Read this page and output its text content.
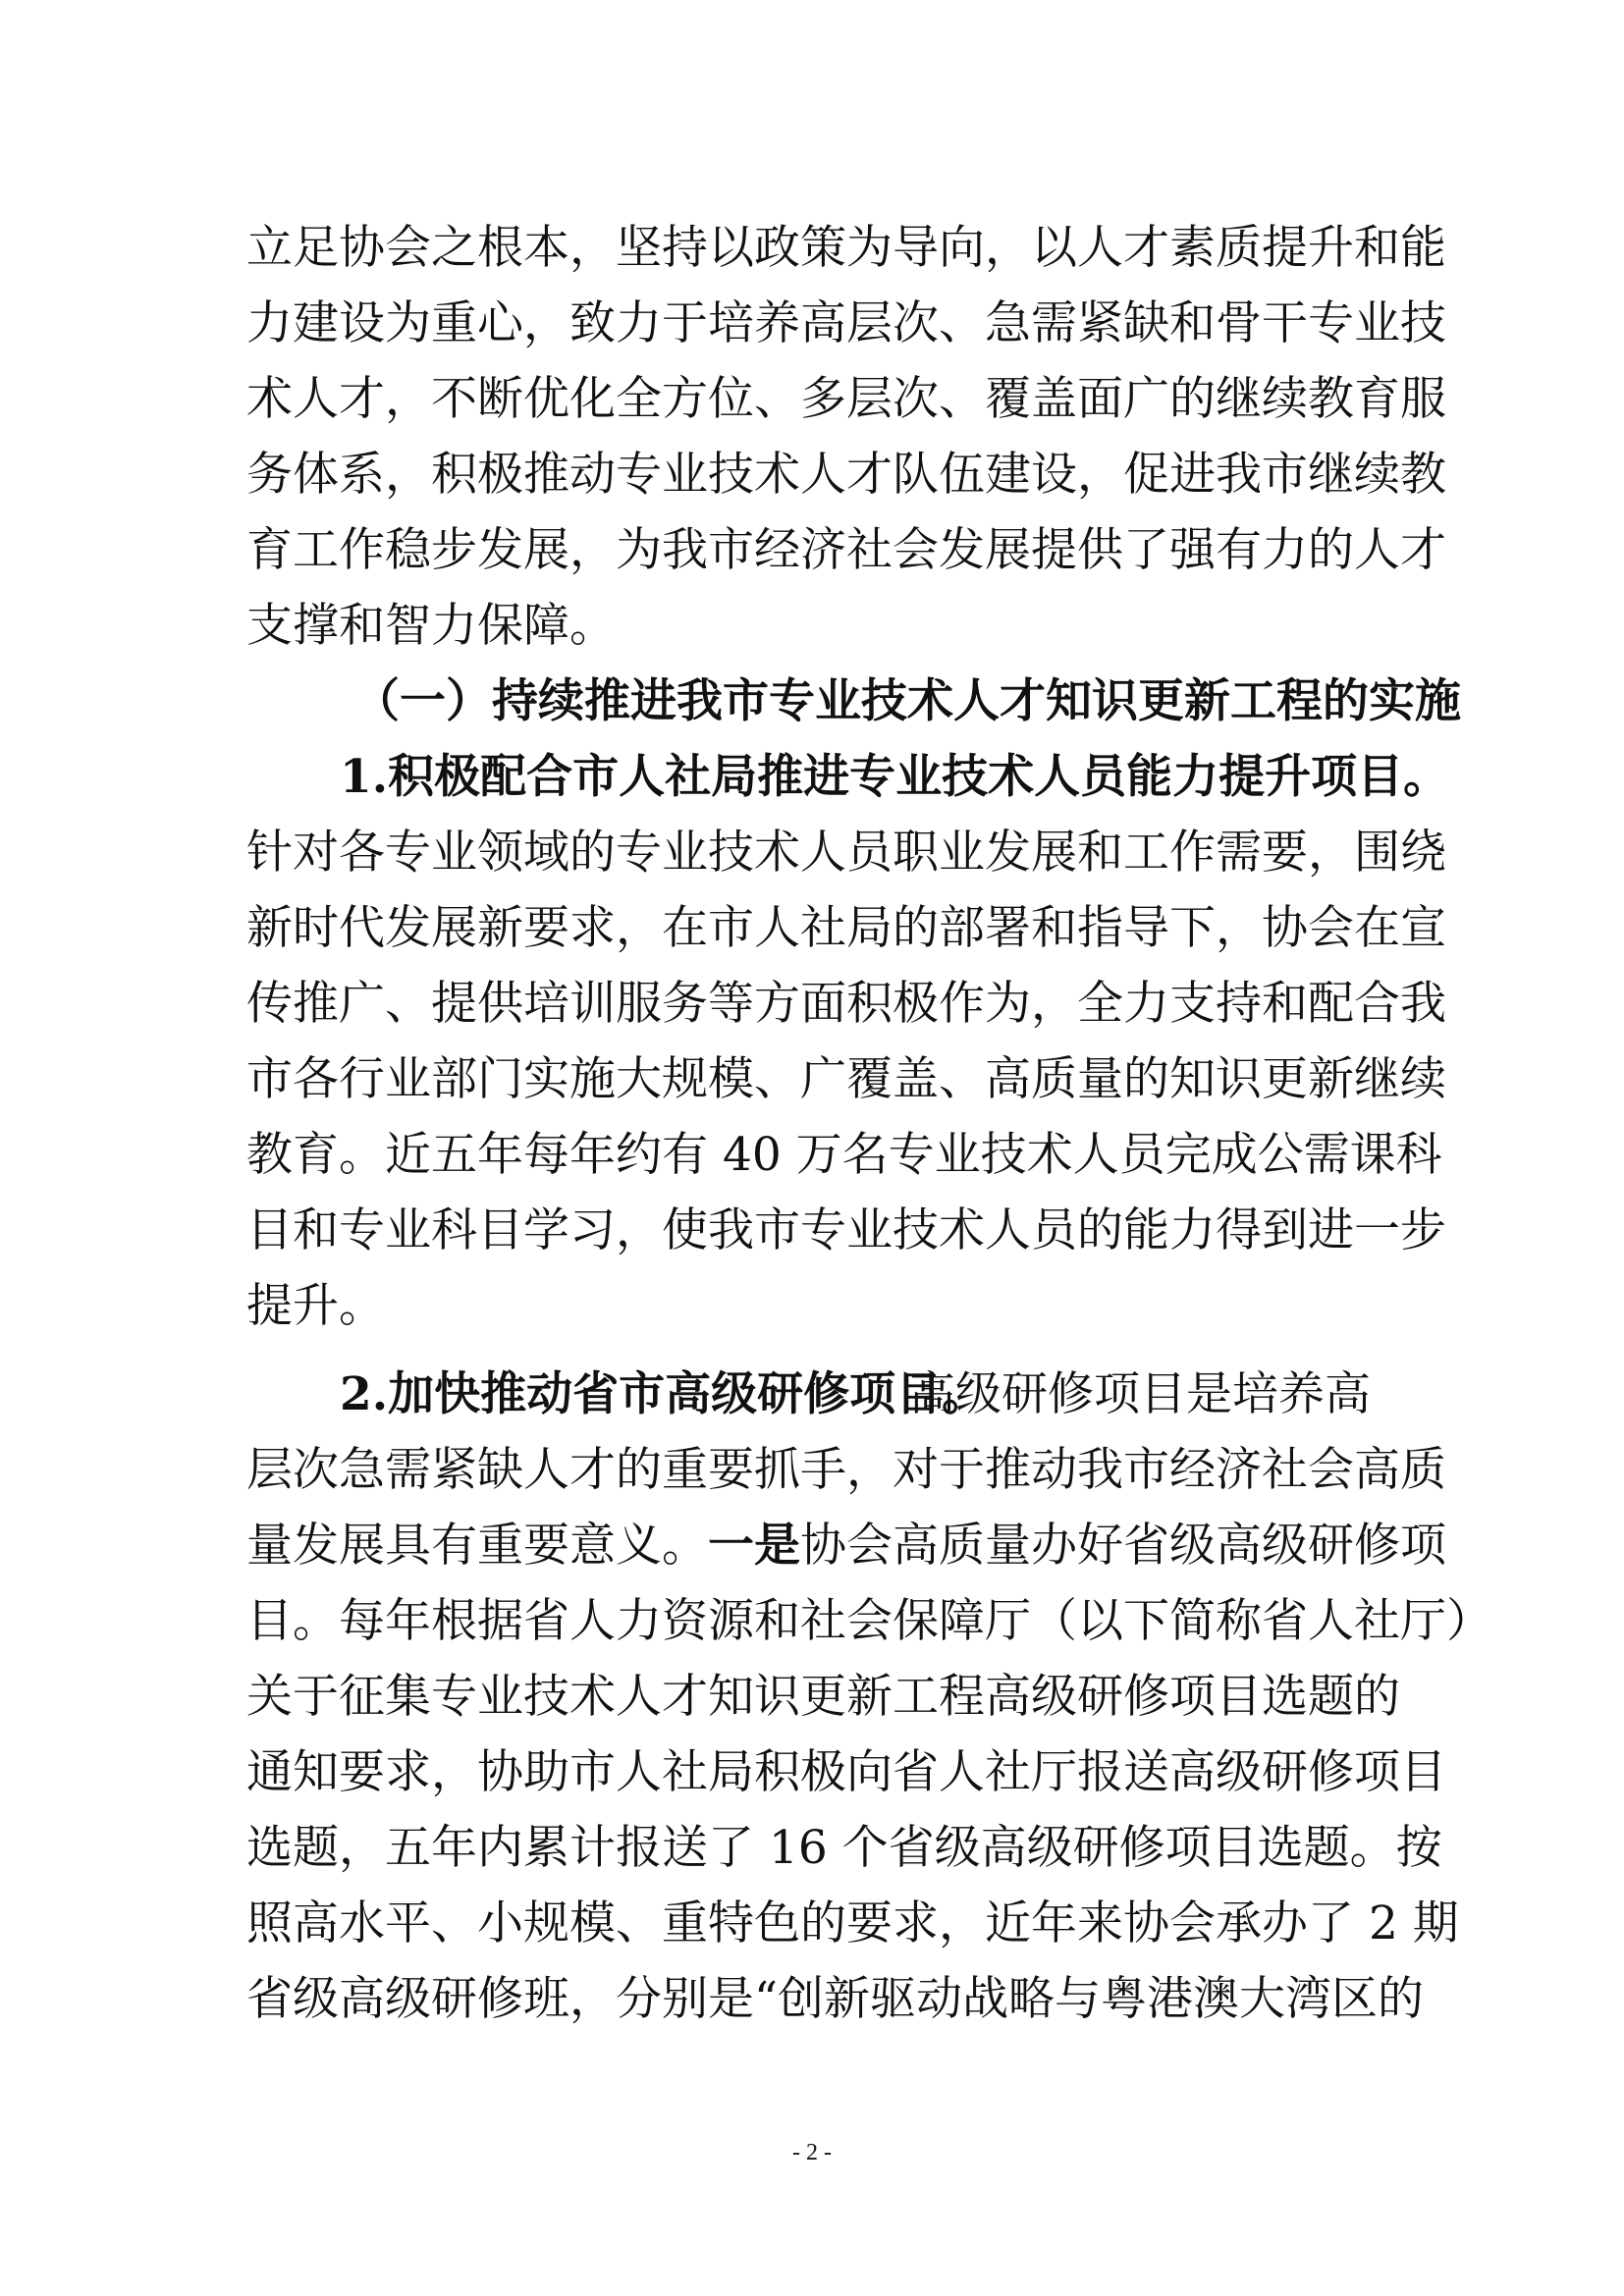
立足协会之根本，坚持以政策为导向，以人才素质提升和能
力建设为重心，致力于培养高层次、急需紧缺和骨干专业技
术人才，不断优化全方位、多层次、覆盖面广的继续教育服
务体系，积极推动专业技术人才队伍建设，促进我市继续教
育工作稳步发展，为我市经济社会发展提供了强有力的人才
支撑和智力保障。
（一）持续推进我市专业技术人才知识更新工程的实施
1.积极配合市人社局推进专业技术人员能力提升项目。
针对各专业领域的专业技术人员职业发展和工作需要，围绕
新时代发展新要求，在市人社局的部署和指导下，协会在宣
传推广、提供培训服务等方面积极作为，全力支持和配合我
市各行业部门实施大规模、广覆盖、高质量的知识更新继续
教育。近五年每年约有 40 万名专业技术人员完成公需课科
目和专业科目学习，使我市专业技术人员的能力得到进一步
提升。
2.加快推动省市高级研修项目。
高级研修项目是培养高
层次急需紧缺人才的重要抓手，对于推动我市经济社会高质
量发展具有重要意义。 一是 协会高质量办好省级高级研修项
目。每年根据省人力资源和社会保障厅（以下简称省人社厅）
关于征集专业技术人才知识更新工程高级研修项目选题的
通知要求，协助市人社局积极向省人社厅报送高级研修项目
选题，五年内累计报送了 16 个省级高级研修项目选题。按
照高水平、小规模、重特色的要求，近年来协会承办了 2 期
省级高级研修班，分别是“创新驱动战略与粤港澳大湾区的
- 2 -
